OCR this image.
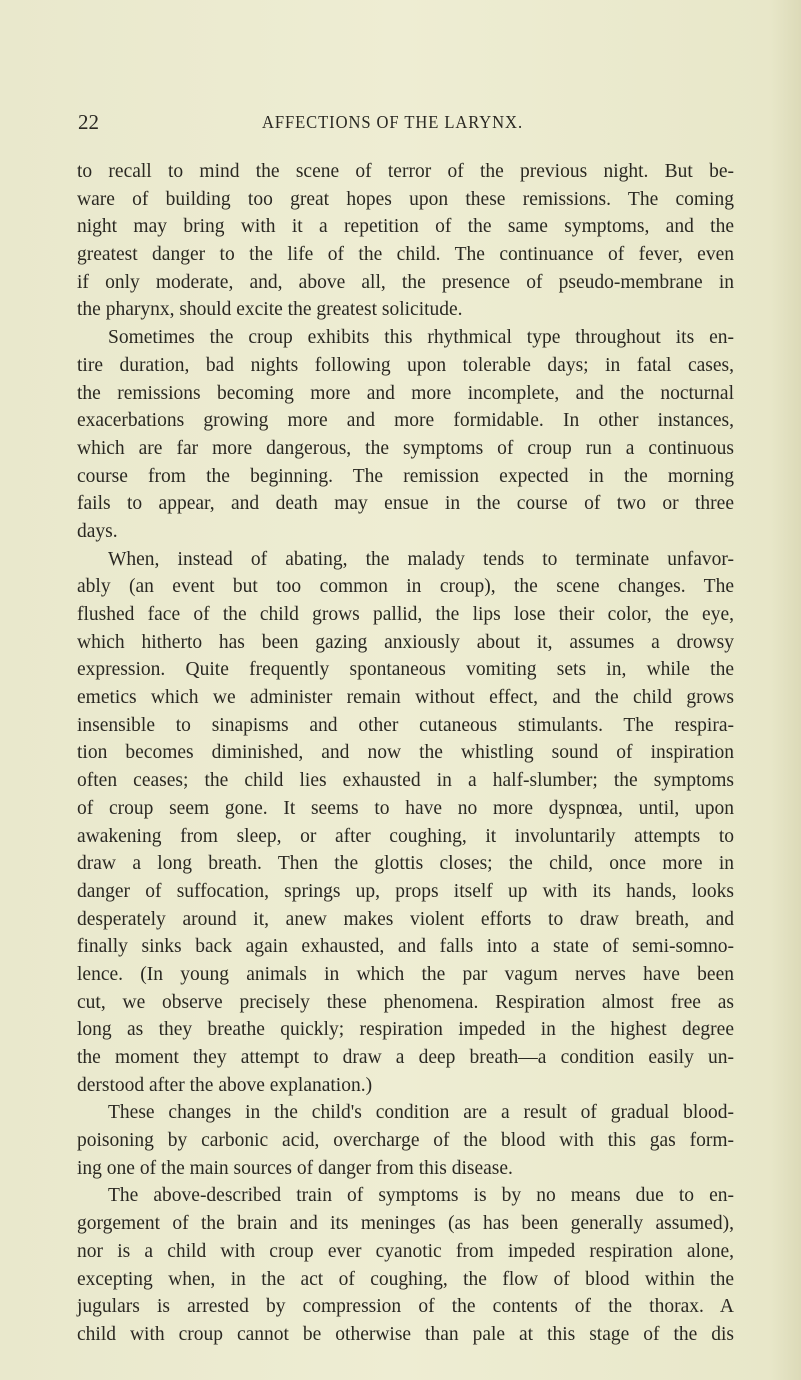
22	AFFECTIONS OF THE LARYNX.
to recall to mind the scene of terror of the previous night. But be-
ware of building too great hopes upon these remissions. The coming
night may bring with it a repetition of the same symptoms, and the
greatest danger to the life of the child. The continuance of fever, even
if only moderate, and, above all, the presence of pseudo-membrane in
the pharynx, should excite the greatest solicitude.
Sometimes the croup exhibits this rhythmical type throughout its en-
tire duration, bad nights following upon tolerable days; in fatal cases,
the remissions becoming more and more incomplete, and the nocturnal
exacerbations growing more and more formidable. In other instances,
which are far more dangerous, the symptoms of croup run a continuous
course from the beginning. The remission expected in the morning
fails to appear, and death may ensue in the course of two or three
days.
When, instead of abating, the malady tends to terminate unfavor-
ably (an event but too common in croup), the scene changes. The
flushed face of the child grows pallid, the lips lose their color, the eye,
which hitherto has been gazing anxiously about it, assumes a drowsy
expression. Quite frequently spontaneous vomiting sets in, while the
emetics which we administer remain without effect, and the child grows
insensible to sinapisms and other cutaneous stimulants. The respira-
tion becomes diminished, and now the whistling sound of inspiration
often ceases; the child lies exhausted in a half-slumber; the symptoms
of croup seem gone. It seems to have no more dyspnœa, until, upon
awakening from sleep, or after coughing, it involuntarily attempts to
draw a long breath. Then the glottis closes; the child, once more in
danger of suffocation, springs up, props itself up with its hands, looks
desperately around it, anew makes violent efforts to draw breath, and
finally sinks back again exhausted, and falls into a state of semi-somno-
lence. (In young animals in which the par vagum nerves have been
cut, we observe precisely these phenomena. Respiration almost free as
long as they breathe quickly; respiration impeded in the highest degree
the moment they attempt to draw a deep breath—a condition easily un-
derstood after the above explanation.)
These changes in the child's condition are a result of gradual blood-
poisoning by carbonic acid, overcharge of the blood with this gas form-
ing one of the main sources of danger from this disease.
The above-described train of symptoms is by no means due to en-
gorgement of the brain and its meninges (as has been generally assumed),
nor is a child with croup ever cyanotic from impeded respiration alone,
excepting when, in the act of coughing, the flow of blood within the
jugulars is arrested by compression of the contents of the thorax. A
child with croup cannot be otherwise than pale at this stage of the dis
